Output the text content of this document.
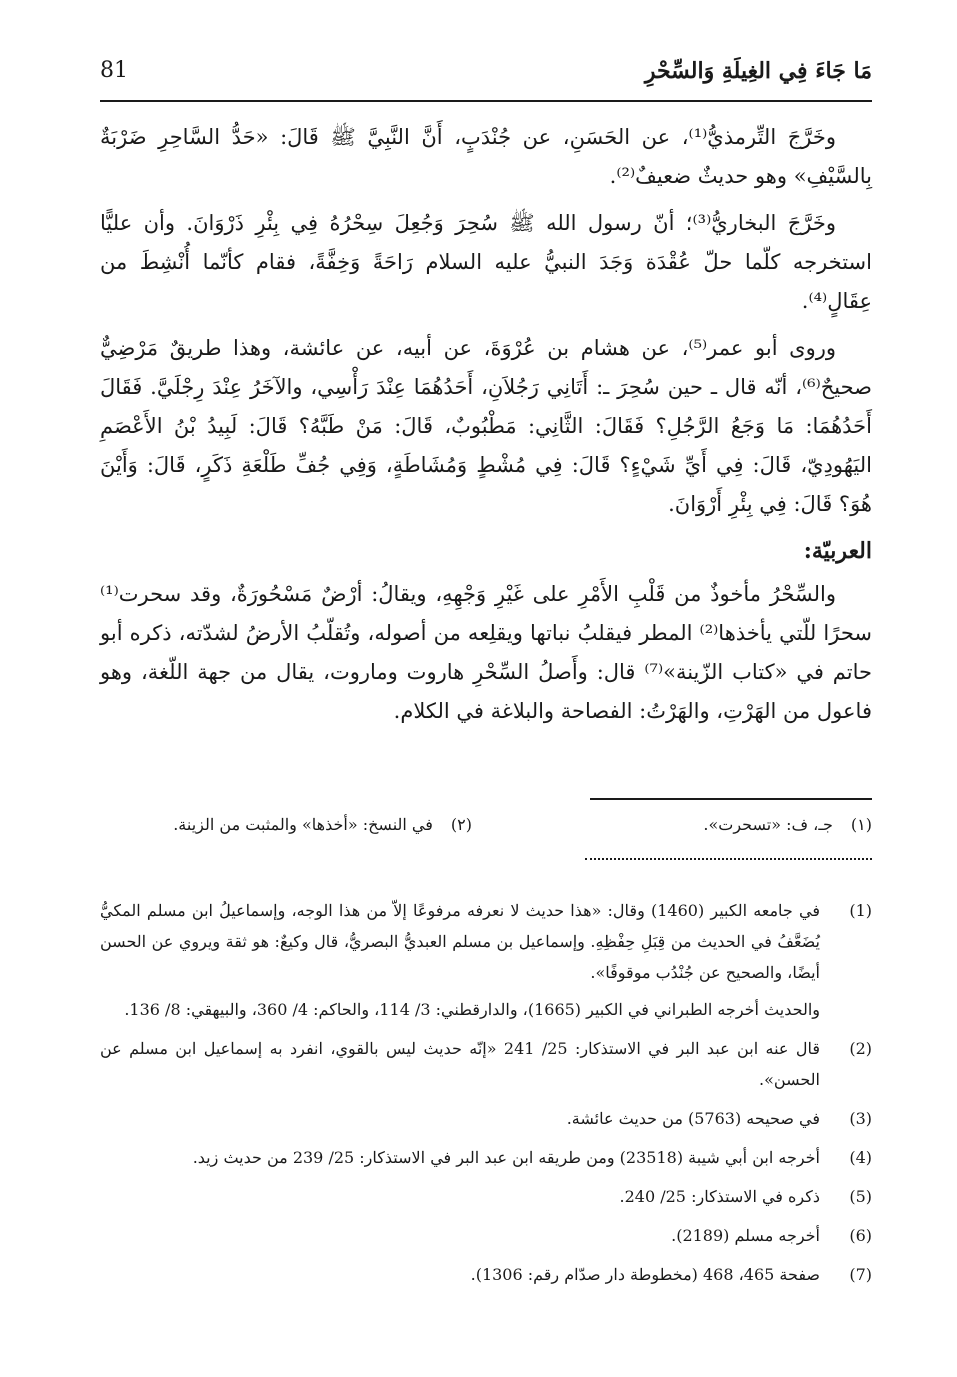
مَا جَاءَ فِي الغِيلَةِ وَالسِّحْرِ
81

وخَرَّجَ التِّرمذيُّ⁽¹⁾، عن الحَسَنِ، عن جُنْدَبٍ، أَنَّ النَّبِيَّ ﷺ قَالَ: «حَدُّ السَّاحِرِ ضَرْبَةٌ بِالسَّيْفِ» وهو حديثٌ ضعيفٌ⁽²⁾.

وخَرَّجَ البخاريُّ⁽³⁾؛ أنّ رسول الله ﷺ سُحِرَ وَجُعِلَ سِحْرُهُ فِي بِئْرِ ذَرْوَانَ. وأن عليًّا استخرجه كلّما حلّ عُقْدَة وَجَدَ النبيُّ عليه السلام رَاحَةً وَخِفَّةً، فقام كأنّما أُنْشِطَ من عِقَالٍ⁽⁴⁾.

وروى أبو عمر⁽⁵⁾، عن هشام بن عُرْوَةَ، عن أبيه، عن عائشة، وهذا طريقٌ مَرْضِيٌّ صحيحٌ⁽⁶⁾، أنّه قال ـ حين سُحِرَ ـ: أَتَانِي رَجُلاَنِ، أَحَدُهُمَا عِنْدَ رَأْسِي، والآخَرُ عِنْدَ رِجْلَيَّ. فَقَالَ أَحَدُهُمَا: مَا وَجَعُ الرَّجُلِ؟ فَقَالَ: الثَّانِي: مَطْبُوبٌ، قَالَ: مَنْ طَبَّهُ؟ قَالَ: لَبِيدُ بْنُ الأَعْصَمِ اليَهُودِيّ، قَالَ: فِي أَيِّ شَيْءٍ؟ قَالَ: فِي مُشْطٍ وَمُشَاطَةٍ، وَفِي جُفِّ طَلْعَةِ ذَكَرٍ، قَالَ: وَأَيْنَ هُوَ؟ قَالَ: فِي بِئْرِ أَرْوَانَ.

العربيّة:

والسِّحْرُ مأخوذٌ من قَلْبِ الأَمْرِ على غَيْرِ وَجْهِهِ، ويقالُ: أرْضٌ مَسْحُورَةٌ، وقد سحرت⁽¹⁾ سحرًا للّتي يأخذها⁽²⁾ المطر فيقلبُ نباتها ويقلِعه من أصوله، وتُقلّبُ الأرضُ لشدّته، ذكره أبو حاتم في «كتاب الزّينة»⁽⁷⁾ قال: وأَصلُ السِّحْرِ هاروت وماروت، يقال من جهة اللّغة، وهو فاعول من الهَرْتِ، والهَرْتُ: الفصاحة والبلاغة في الكلام.

(١) جـ، ف: «تسحرت».
(٢) في النسخ: «أخذها» والمثبت من الزينة.
(1)

في جامعه الكبير (1460) وقال: «هذا حديث لا نعرفه مرفوعًا إلاّ من هذا الوجه، وإسماعيلُ ابن مسلم المكيُّ يُضَعَّفُ في الحديث من قِبَلِ حِفْظِهِ. وإسماعيل بن مسلم العبديُّ البصريُّ، قال وكيعٌ: هو ثقة ويروي عن الحسن أيضًا، والصحيح عن جُنْدُب موقوفًا».

والحديث أخرجه الطبراني في الكبير (1665)، والدارقطني: 3/ 114، والحاكم: 4/ 360، والبيهقي: 8/ 136.

(2)

قال عنه ابن عبد البر في الاستذكار: 25/ 241 «إنّه حديث ليس بالقوي، انفرد به إسماعيل ابن مسلم عن الحسن».

(3)

في صحيحه (5763) من حديث عائشة.

(4)

أخرجه ابن أبي شيبة (23518) ومن طريقه ابن عبد البر في الاستذكار: 25/ 239 من حديث زيد.

(5)

ذكره في الاستذكار: 25/ 240.

(6)

أخرجه مسلم (2189).

(7)

صفحة 465، 468 (مخطوطة دار صدّام رقم: 1306).
